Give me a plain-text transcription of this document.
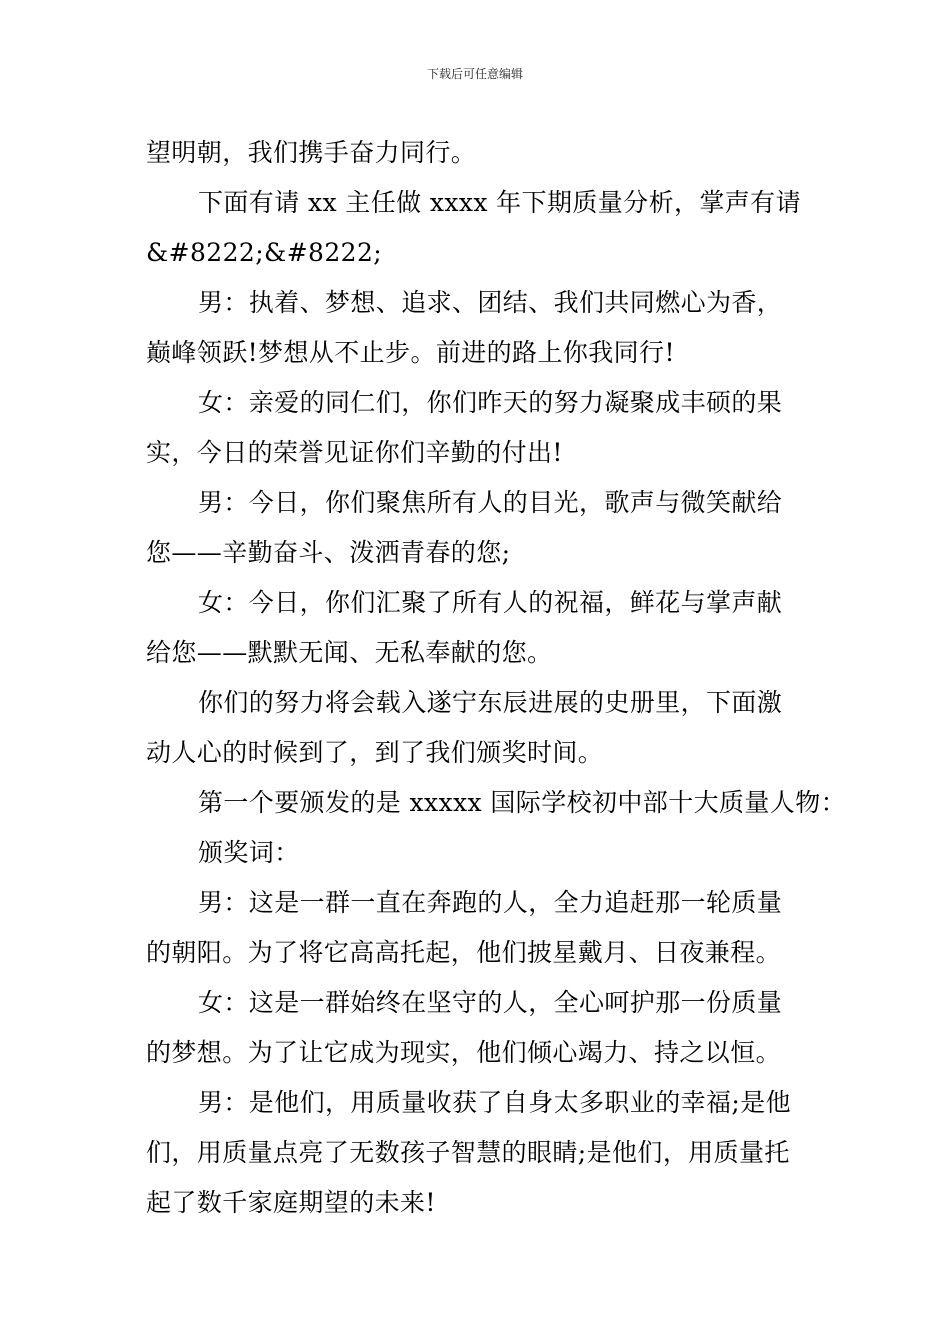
下载后可任意编辑
望明朝，我们携手奋力同行。
下面有请 xx 主任做 xxxx 年下期质量分析，掌声有请
&#8222;&#8222;
男：执着、梦想、追求、团结、我们共同燃心为香，
巅峰领跃!梦想从不止步。前进的路上你我同行!
女：亲爱的同仁们，你们昨天的努力凝聚成丰硕的果
实，今日的荣誉见证你们辛勤的付出!
男：今日，你们聚焦所有人的目光，歌声与微笑献给
您——辛勤奋斗、泼洒青春的您;
女：今日，你们汇聚了所有人的祝福，鲜花与掌声献
给您——默默无闻、无私奉献的您。
你们的努力将会载入遂宁东辰进展的史册里，下面激
动人心的时候到了，到了我们颁奖时间。
第一个要颁发的是 xxxxx 国际学校初中部十大质量人物：
颁奖词：
男：这是一群一直在奔跑的人，全力追赶那一轮质量
的朝阳。为了将它高高托起，他们披星戴月、日夜兼程。
女：这是一群始终在坚守的人，全心呵护那一份质量
的梦想。为了让它成为现实，他们倾心竭力、持之以恒。
男：是他们，用质量收获了自身太多职业的幸福;是他
们，用质量点亮了无数孩子智慧的眼睛;是他们，用质量托
起了数千家庭期望的未来!
